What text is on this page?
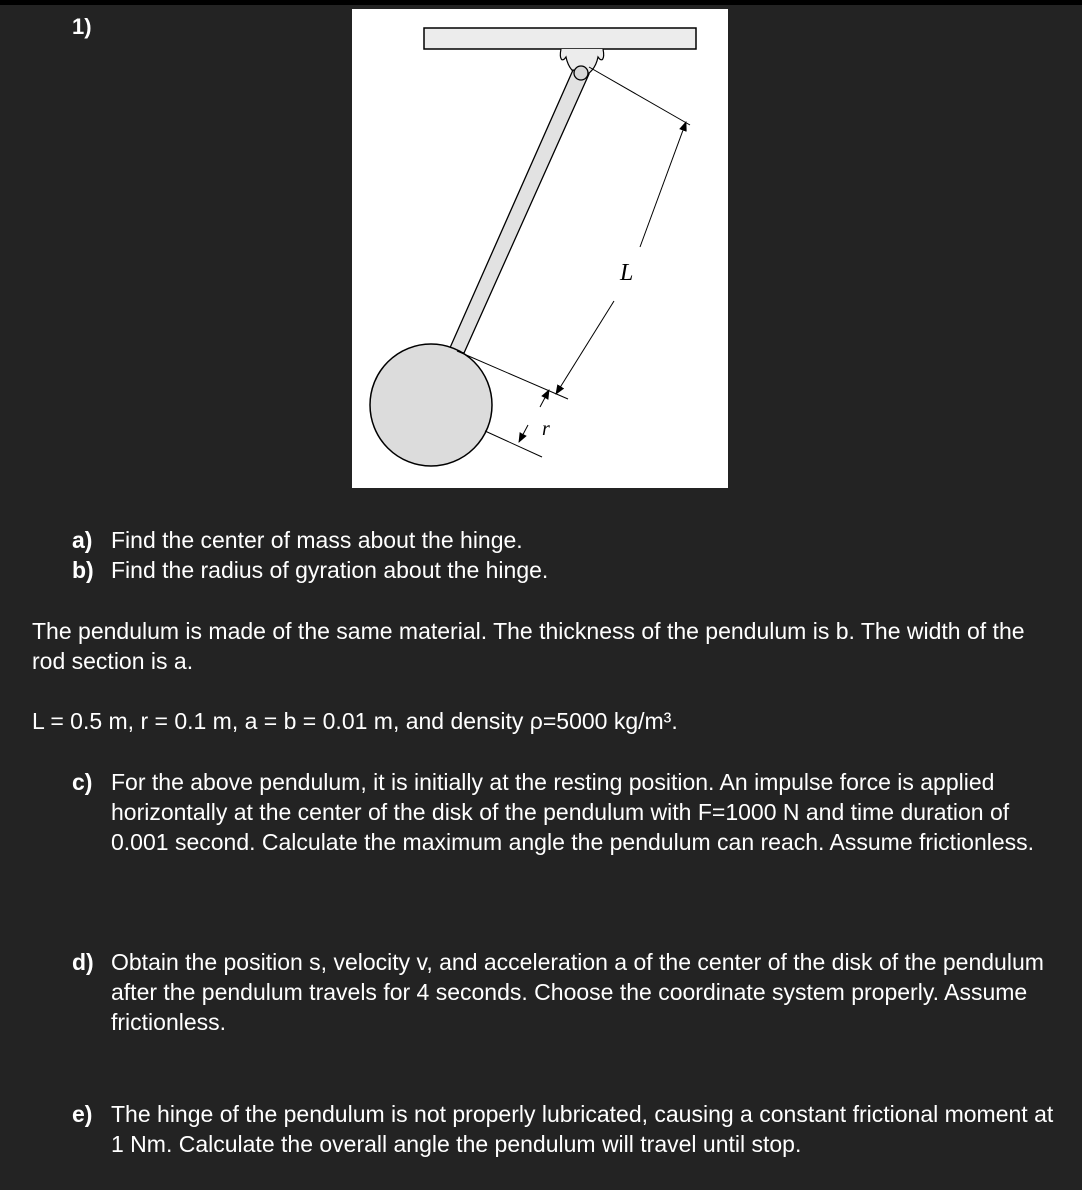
1)
L
r
a) Find the center of mass about the hinge.
b) Find the radius of gyration about the hinge.
The pendulum is made of the same material. The thickness of the pendulum is b. The width of the rod section is a.
L = 0.5 m, r = 0.1 m, a = b = 0.01 m, and density ρ=5000 kg/m³.
c) For the above pendulum, it is initially at the resting position. An impulse force is applied horizontally at the center of the disk of the pendulum with F=1000 N and time duration of 0.001 second. Calculate the maximum angle the pendulum can reach. Assume frictionless.
d) Obtain the position s, velocity v, and acceleration a of the center of the disk of the pendulum after the pendulum travels for 4 seconds. Choose the coordinate system properly. Assume frictionless.
e) The hinge of the pendulum is not properly lubricated, causing a constant frictional moment at 1 Nm. Calculate the overall angle the pendulum will travel until stop.
